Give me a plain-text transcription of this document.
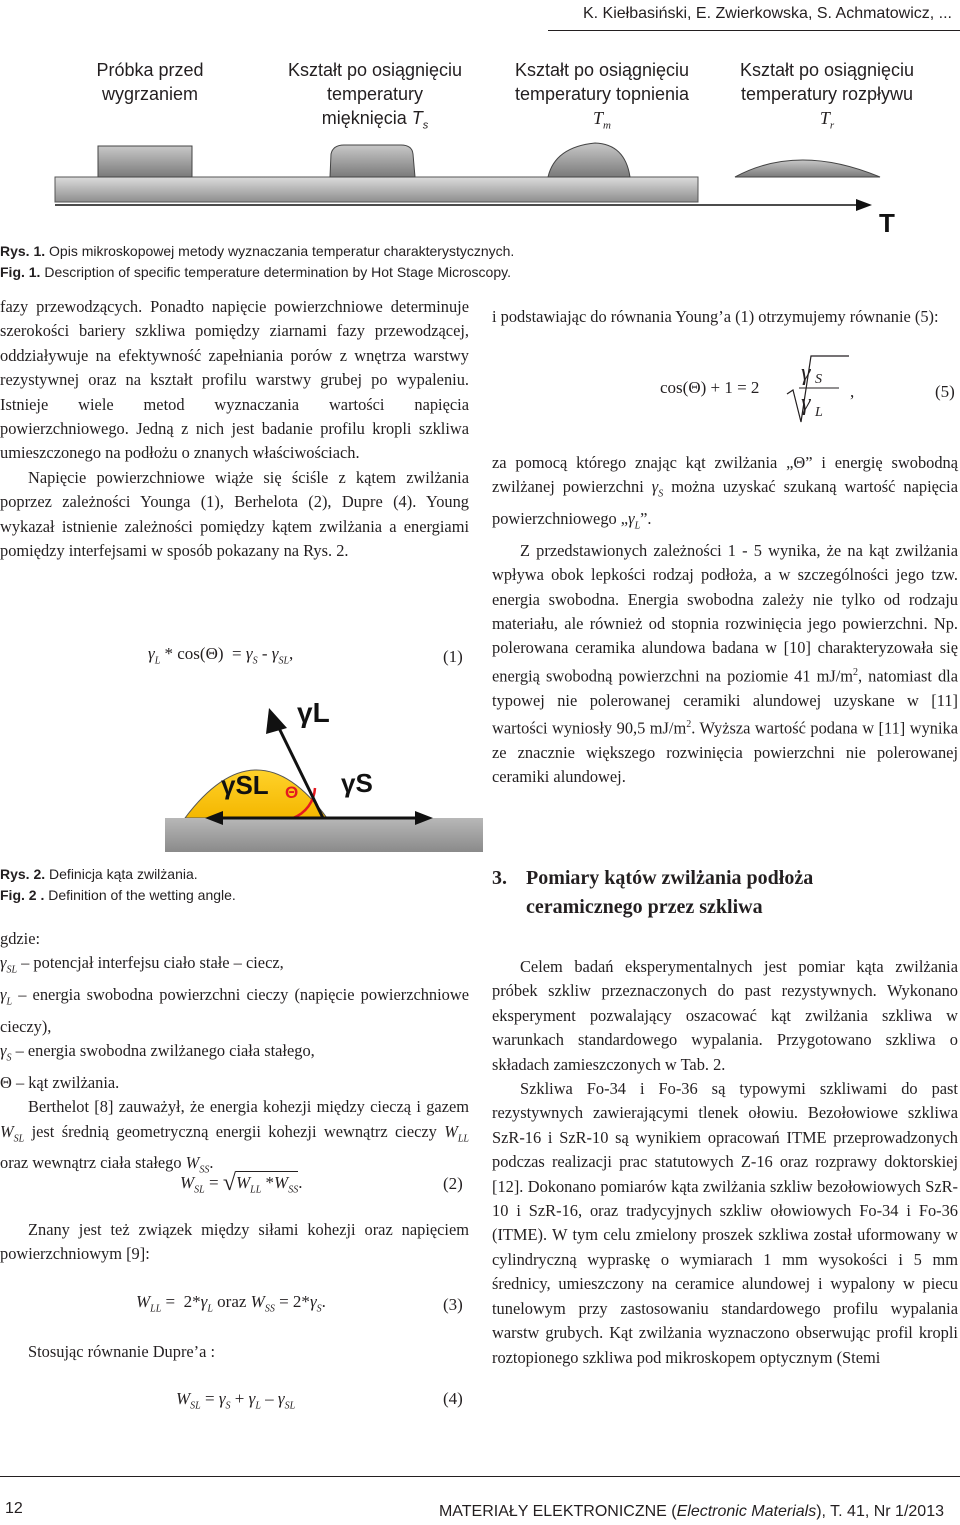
K. Kiełbasiński, E. Zwierkowska, S. Achmatowicz, ...
Próbka przed
wygrzaniem
Kształt po osiągnięciu
temperatury
mięknięcia $T_s$
Kształt po osiągnięciu
temperatury topnienia
$T_m$
Kształt po osiągnięciu
temperatury rozpływu
$T_r$
T
Rys. 1. Opis mikroskopowej metody wyznaczania temperatur charakterystycznych.
Fig. 1. Description of specific temperature determination by Hot Stage Microscopy.

fazy przewodzących. Ponadto napięcie powierzchniowe determinuje szerokości bariery szkliwa pomiędzy ziarnami fazy przewodzącej, oddziaływuje na efektywność zapełniania porów z wnętrza warstwy rezystywnej oraz na kształt profilu warstwy grubej po wypaleniu. Istnieje wiele metod wyznaczania wartości napięcia powierzchniowego. Jedną z nich jest badanie profilu kropli szkliwa umieszczonego na podłożu o znanych właściwościach.

Napięcie powierzchniowe wiąże się ściśle z kątem zwilżania poprzez zależności Younga (1), Berhelota (2), Dupre (4). Young wykazał istnienie zależności pomiędzy kątem zwilżania a energiami pomiędzy interfejsami w sposób pokazany na Rys. 2.

$\gamma_L * \cos(\Theta) = \gamma_S - \gamma_{SL}$,	(1)
γL
γSL Θ γS
Rys. 2. Definicja kąta zwilżania.
Fig. 2 . Definition of the wetting angle.

gdzie:

$\gamma_{SL}$ – potencjał interfejsu ciało stałe – ciecz,

$\gamma_L$ – energia swobodna powierzchni cieczy (napięcie powierzchniowe cieczy),

$\gamma_S$ – energia swobodna zwilżanego ciała stałego,

Θ – kąt zwilżania.

Berthelot [8] zauważył, że energia kohezji między cieczą i gazem $W_{SL}$ jest średnią geometryczną energii kohezji wewnątrz cieczy $W_{LL}$ oraz wewnątrz ciała stałego $W_{SS}$.

$W_{SL} = √W_{LL}$ $*W_{SS}$.	(2)

Znany jest też związek między siłami kohezji oraz napięciem powierzchniowym [9]:

$W_{LL} = 2*\gamma_L$ oraz $W_{SS} = 2*\gamma_S$.	(3)

Stosując równanie Dupre’a :

$W_{SL} = \gamma_S + \gamma_L - \gamma_{SL}$	(4)

i podstawiając do równania Young’a (1) otrzymujemy równanie (5):

cos(Θ) + 1 = 2
γ S
γ L
,	(5)

za pomocą którego znając kąt zwilżania „Θ” i energię swobodną zwilżanej powierzchni $\gamma_S$ można uzyskać szukaną wartość napięcia powierzchniowego $„\gamma_L$”.

Z przedstawionych zależności 1 - 5 wynika, że na kąt zwilżania wpływa obok lepkości rodzaj podłoża, a w szczególności jego tzw. energia swobodna. Energia swobodna zależy nie tylko od rodzaju materiału, ale również od stopnia rozwinięcia jego powierzchni. Np. polerowana ceramika alundowa badana w [10] charakteryzowała się energią swobodną powierzchni na poziomie 41 $mJ/m^2$, natomiast dla typowej nie polerowanej ceramiki alundowej uzyskane w [11] wartości wyniosły 90,5 $mJ/m^2$. Wyższa wartość podana w [11] wynika ze znacznie większego rozwinięcia powierzchni nie polerowanej ceramiki alundowej.

3. Pomiary kątów zwilżania podłoża
ceramicznego przez szkliwa

Celem badań eksperymentalnych jest pomiar kąta zwilżania próbek szkliw przeznaczonych do past rezystywnych. Wykonano eksperyment pozwalający oszacować kąt zwilżania szkliwa w warunkach standardowego wypalania. Przygotowano szkliwa o składach zamieszczonych w Tab. 2.

Szkliwa Fo-34 i Fo-36 są typowymi szkliwami do past rezystywnych zawierającymi tlenek ołowiu. Bezołowiowe szkliwa SzR-16 i SzR-10 są wynikiem opracowań ITME przeprowadzonych podczas realizacji prac statutowych Z-16 oraz rozprawy doktorskiej [12]. Dokonano pomiarów kąta zwilżania szkliw bezołowiowych SzR-10 i SzR-16, oraz tradycyjnych szkliw ołowiowych Fo-34 i Fo-36 (ITME). W tym celu zmielony proszek szkliwa został uformowany w cylindryczną wypraskę o wymiarach 1 mm wysokości i 5 mm średnicy, umieszczony na ceramice alundowej i wypalony w piecu tunelowym przy zastosowaniu standardowego profilu wypalania warstw grubych. Kąt zwilżania wyznaczono obserwując profil kropli roztopionego szkliwa pod mikroskopem optycznym (Stemi

12	MATERIAŁY ELEKTRONICZNE (Electronic Materials), T. 41, Nr 1/2013
